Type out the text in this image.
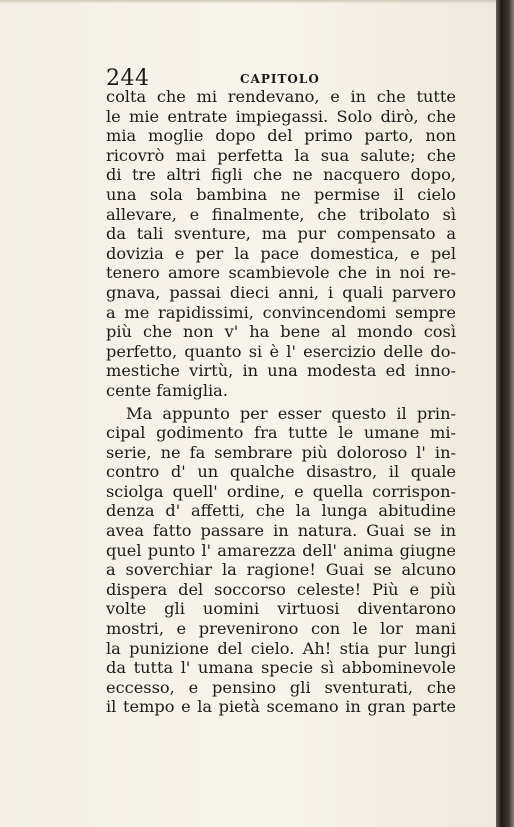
244	CAPITOLO
colta che mi rendevano, e in che tutte
le mie entrate impiegassi. Solo dirò, che
mia moglie dopo del primo parto, non
ricovrò mai perfetta la sua salute; che
di tre altri figli che ne nacquero dopo,
una sola bambina ne permise il cielo
allevare, e finalmente, che tribolato sì
da tali sventure, ma pur compensato a
dovizia e per la pace domestica, e pel
tenero amore scambievole che in noi re-
gnava, passai dieci anni, i quali parvero
a me rapidissimi, convincendomi sempre
più che non v' ha bene al mondo così
perfetto, quanto si è l' esercizio delle do-
mestiche virtù, in una modesta ed inno-
cente famiglia.
Ma appunto per esser questo il prin-
cipal godimento fra tutte le umane mi-
serie, ne fa sembrare più doloroso l' in-
contro d' un qualche disastro, il quale
sciolga quell' ordine, e quella corrispon-
denza d' affetti, che la lunga abitudine
avea fatto passare in natura. Guai se in
quel punto l' amarezza dell' anima giugne
a soverchiar la ragione! Guai se alcuno
dispera del soccorso celeste! Più e più
volte gli uomini virtuosi diventarono
mostri, e prevenirono con le lor mani
la punizione del cielo. Ah! stia pur lungi
da tutta l' umana specie sì abbominevole
eccesso, e pensino gli sventurati, che
il tempo e la pietà scemano in gran parte
